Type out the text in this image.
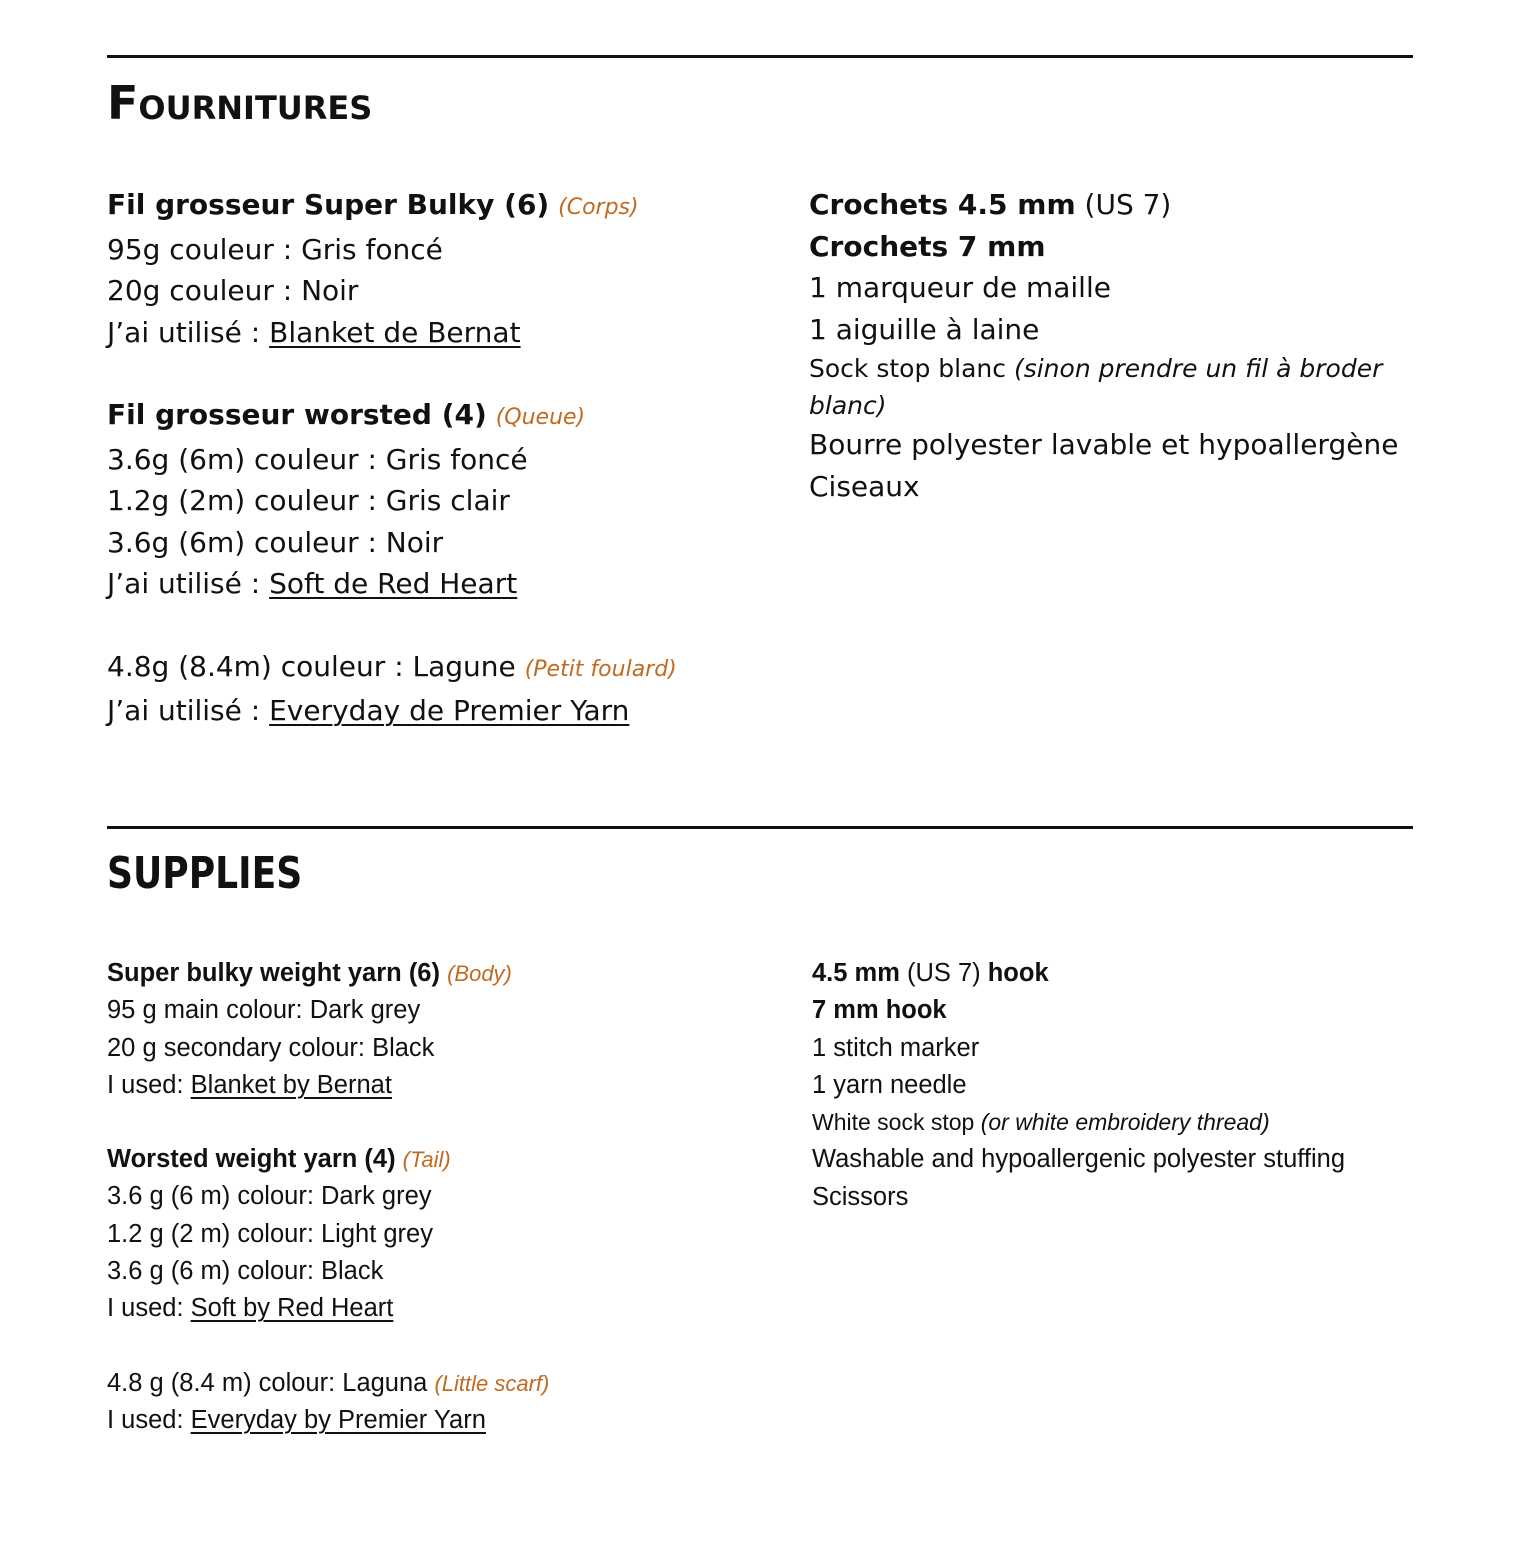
Fournitures
Fil grosseur Super Bulky (6) (Corps)
95g couleur : Gris foncé
20g couleur : Noir
J’ai utilisé : Blanket de Bernat
Fil grosseur worsted (4) (Queue)
3.6g (6m) couleur : Gris foncé
1.2g (2m) couleur : Gris clair
3.6g (6m) couleur : Noir
J’ai utilisé : Soft de Red Heart
4.8g (8.4m) couleur : Lagune (Petit foulard)
J’ai utilisé : Everyday de Premier Yarn
Crochets 4.5 mm (US 7)
Crochets 7 mm
1 marqueur de maille
1 aiguille à laine
Sock stop blanc (sinon prendre un fil à broder
blanc)
Bourre polyester lavable et hypoallergène
Ciseaux
SUPPLIES
Super bulky weight yarn (6) (Body)
95 g main colour: Dark grey
20 g secondary colour: Black
I used: Blanket by Bernat
Worsted weight yarn (4) (Tail)
3.6 g (6 m) colour: Dark grey
1.2 g (2 m) colour: Light grey
3.6 g (6 m) colour: Black
I used: Soft by Red Heart
4.8 g (8.4 m) colour: Laguna (Little scarf)
I used: Everyday by Premier Yarn
4.5 mm (US 7) hook
7 mm hook
1 stitch marker
1 yarn needle
White sock stop (or white embroidery thread)
Washable and hypoallergenic polyester stuffing
Scissors
